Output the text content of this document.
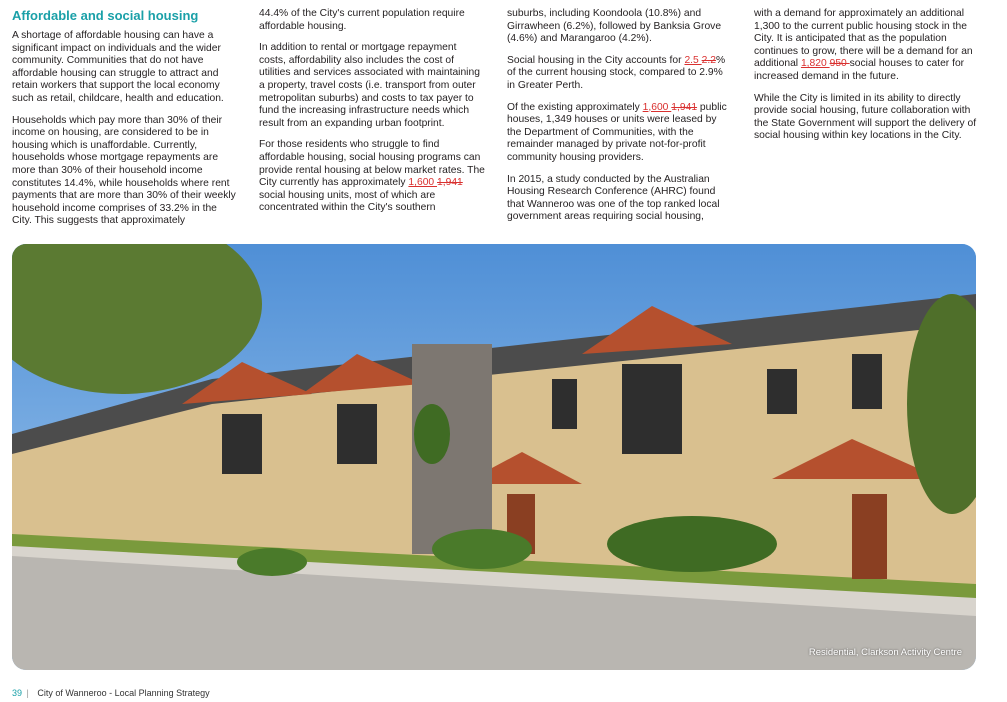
Affordable and social housing

A shortage of affordable housing can have a significant impact on individuals and the wider community. Communities that do not have affordable housing can struggle to attract and retain workers that support the local economy such as retail, childcare, health and education.

Households which pay more than 30% of their income on housing, are considered to be in housing which is unaffordable. Currently, households whose mortgage repayments are more than 30% of their household income constitutes 14.4%, while households where rent payments that are more than 30% of their weekly household income comprises of 33.2% in the City. This suggests that approximately

44.4% of the City's current population require affordable housing.

In addition to rental or mortgage repayment costs, affordability also includes the cost of utilities and services associated with maintaining a property, travel costs (i.e. transport from outer metropolitan suburbs) and costs to tax payer to fund the increasing infrastructure needs which result from an expanding urban footprint.

For those residents who struggle to find affordable housing, social housing programs can provide rental housing at below market rates. The City currently has approximately 1,600 1,941 social housing units, most of which are concentrated within the City's southern

suburbs, including Koondoola (10.8%) and Girrawheen (6.2%), followed by Banksia Grove (4.6%) and Marangaroo (4.2%).

Social housing in the City accounts for 2.5 2.2% of the current housing stock, compared to 2.9% in Greater Perth.

Of the existing approximately 1,600 1,941 public houses, 1,349 houses or units were leased by the Department of Communities, with the remainder managed by private not-for-profit community housing providers.

In 2015, a study conducted by the Australian Housing Research Conference (AHRC) found that Wanneroo was one of the top ranked local government areas requiring social housing,

with a demand for approximately an additional 1,300 to the current public housing stock in the City. It is anticipated that as the population continues to grow, there will be a demand for an additional 1,820 950 social houses to cater for increased demand in the future.

While the City is limited in its ability to directly provide social housing, future collaboration with the State Government will support the delivery of social housing within key locations in the City.

Residential, Clarkson Activity Centre
39 | City of Wanneroo - Local Planning Strategy
